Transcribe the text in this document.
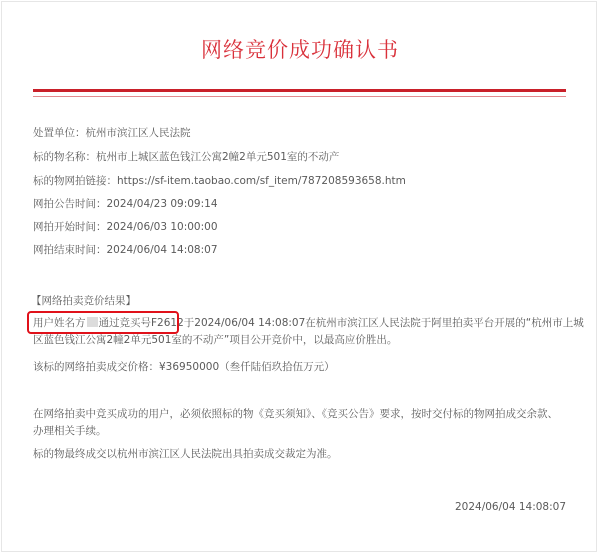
网络竞价成功确认书
处置单位：杭州市滨江区人民法院
标的物名称：杭州市上城区蓝色钱江公寓2幢2单元501室的不动产
标的物网拍链接：https://sf-item.taobao.com/sf_item/787208593658.htm
网拍公告时间：2024/04/23 09:09:14
网拍开始时间：2024/06/03 10:00:00
网拍结束时间：2024/06/04 14:08:07
【网络拍卖竞价结果】
用户姓名方 通过竞买号F2612于2024/06/04 14:08:07在杭州市滨江区人民法院于阿里拍卖平台开展的“杭州市上城
区蓝色钱江公寓2幢2单元501室的不动产”项目公开竞价中，以最高应价胜出。
该标的网络拍卖成交价格：¥36950000（叁仟陆佰玖拾伍万元）
在网络拍卖中竞买成功的用户，必须依照标的物《竞买须知》、《竞买公告》要求，按时交付标的物网拍成交余款、
办理相关手续。
标的物最终成交以杭州市滨江区人民法院出具拍卖成交裁定为准。
2024/06/04 14:08:07
